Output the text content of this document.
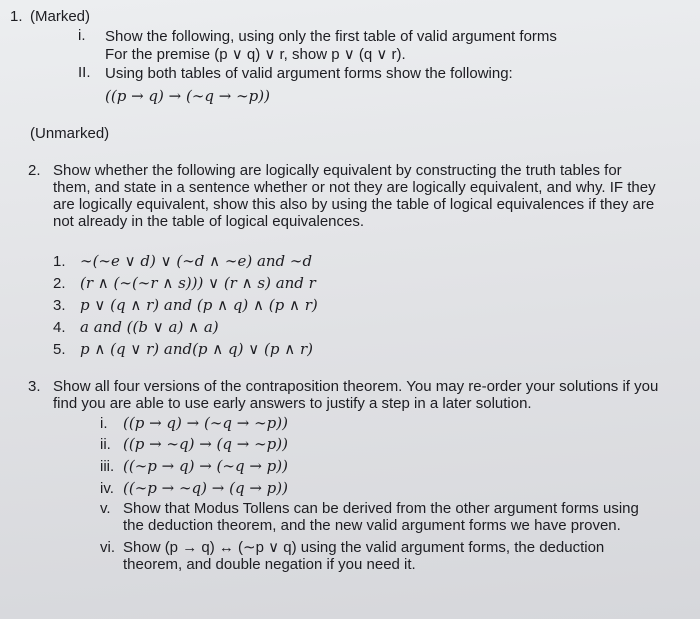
1. (Marked)
i. Show the following, using only the first table of valid argument forms
For the premise (p ∨ q) ∨ r, show p ∨ (q ∨ r).
II. Using both tables of valid argument forms show the following:
((p → q) → (∼q → ∼p))
(Unmarked)
2. Show whether the following are logically equivalent by constructing the truth tables for
them, and state in a sentence whether or not they are logically equivalent, and why. IF they
are logically equivalent, show this also by using the table of logical equivalences if they are
not already in the table of logical equivalences.
1. ∼(∼e ∨ d) ∨ (∼d ∧ ∼e) and ∼d
2. (r ∧ (∼(∼r ∧ s))) ∨ (r ∧ s) and r
3. p ∨ (q ∧ r) and (p ∧ q) ∧ (p ∧ r)
4. a and ((b ∨ a) ∧ a)
5. p ∧ (q ∨ r) and(p ∧ q) ∨ (p ∧ r)
3. Show all four versions of the contraposition theorem. You may re-order your solutions if you
find you are able to use early answers to justify a step in a later solution.
i. ((p → q) → (∼q → ∼p))
ii. ((p → ∼q) → (q → ∼p))
iii. ((∼p → q) → (∼q → p))
iv. ((∼p → ∼q) → (q → p))
v. Show that Modus Tollens can be derived from the other argument forms using
the deduction theorem, and the new valid argument forms we have proven.
vi. Show (p → q) ↔ (∼p ∨ q) using the valid argument forms, the deduction
theorem, and double negation if you need it.
